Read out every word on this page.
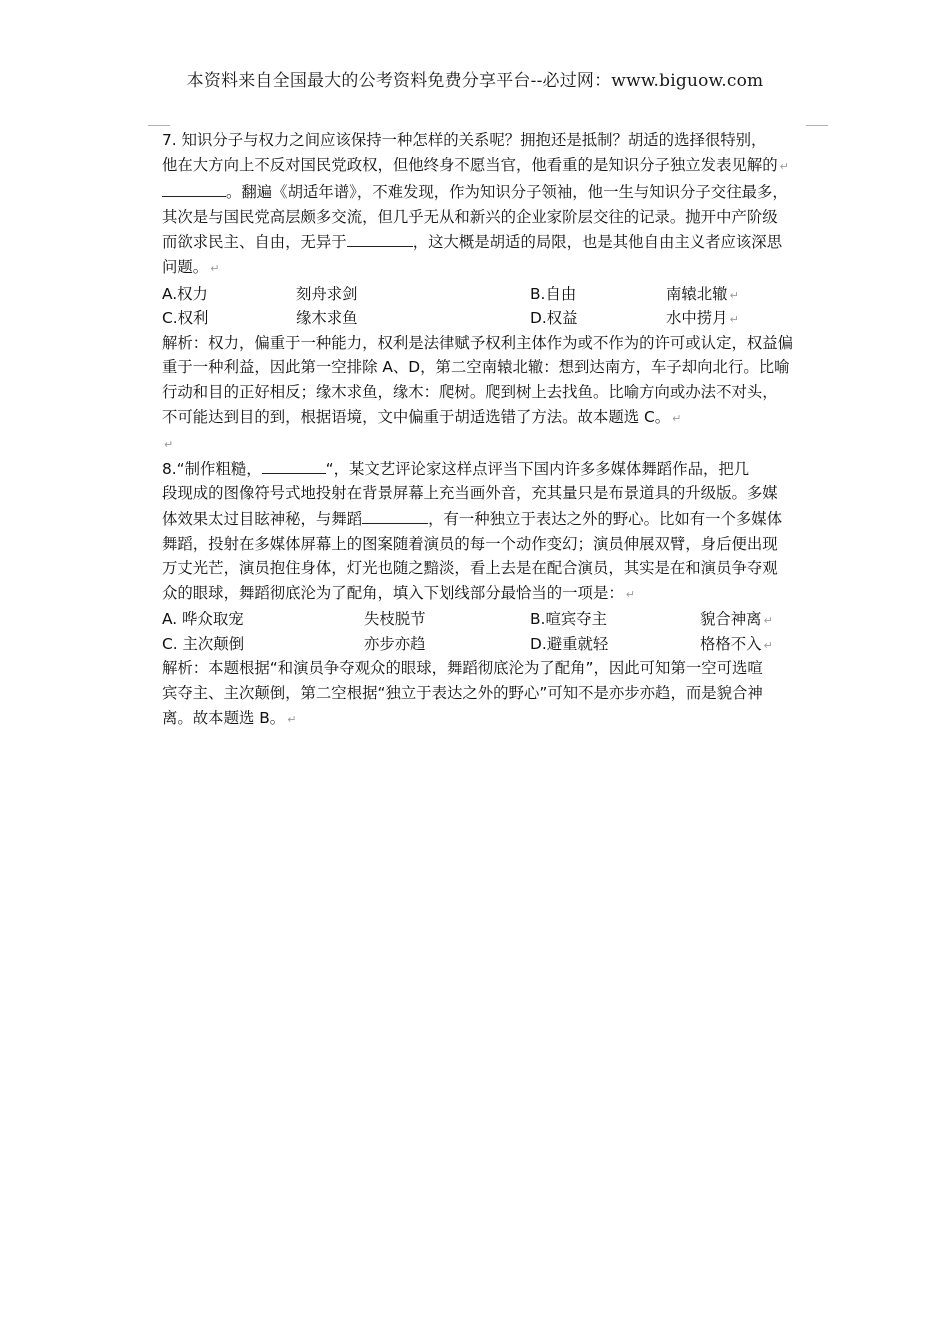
本资料来自全国最大的公考资料免费分享平台--必过网：www.biguow.com
7. 知识分子与权力之间应该保持一种怎样的关系呢？拥抱还是抵制？胡适的选择很特别，
他在大方向上不反对国民党政权，但他终身不愿当官，他看重的是知识分子独立发表见解的 ↵
。翻遍《胡适年谱》，不难发现，作为知识分子领袖，他一生与知识分子交往最多，
其次是与国民党高层颇多交流，但几乎无从和新兴的企业家阶层交往的记录。抛开中产阶级
而欲求民主、自由，无异于	，这大概是胡适的局限，也是其他自由主义者应该深思
问题。 ↵
A.权力	刻舟求剑	B.自由	南辕北辙 ↵
C.权利	缘木求鱼	D.权益	水中捞月 ↵
解析：权力，偏重于一种能力，权利是法律赋予权利主体作为或不作为的许可或认定，权益偏
重于一种利益，因此第一空排除 A、D，第二空南辕北辙：想到达南方，车子却向北行。比喻
行动和目的正好相反；缘木求鱼，缘木：爬树。爬到树上去找鱼。比喻方向或办法不对头，
不可能达到目的到，根据语境，文中偏重于胡适选错了方法。故本题选 C。 ↵
↵
8.“制作粗糙，	“，某文艺评论家这样点评当下国内许多多媒体舞蹈作品，把几
段现成的图像符号式地投射在背景屏幕上充当画外音，充其量只是布景道具的升级版。多媒
体效果太过目眩神秘，与舞蹈	，有一种独立于表达之外的野心。比如有一个多媒体
舞蹈，投射在多媒体屏幕上的图案随着演员的每一个动作变幻；演员伸展双臂，身后便出现
万丈光芒，演员抱住身体，灯光也随之黯淡，看上去是在配合演员，其实是在和演员争夺观
众的眼球，舞蹈彻底沦为了配角，填入下划线部分最恰当的一项是： ↵
A. 哗众取宠	失枝脱节	B.喧宾夺主	貌合神离 ↵
C. 主次颠倒	亦步亦趋	D.避重就轻	格格不入 ↵
解析：本题根据“和演员争夺观众的眼球，舞蹈彻底沦为了配角”，因此可知第一空可选喧
宾夺主、主次颠倒，第二空根据“独立于表达之外的野心”可知不是亦步亦趋，而是貌合神
离。故本题选 B。 ↵
